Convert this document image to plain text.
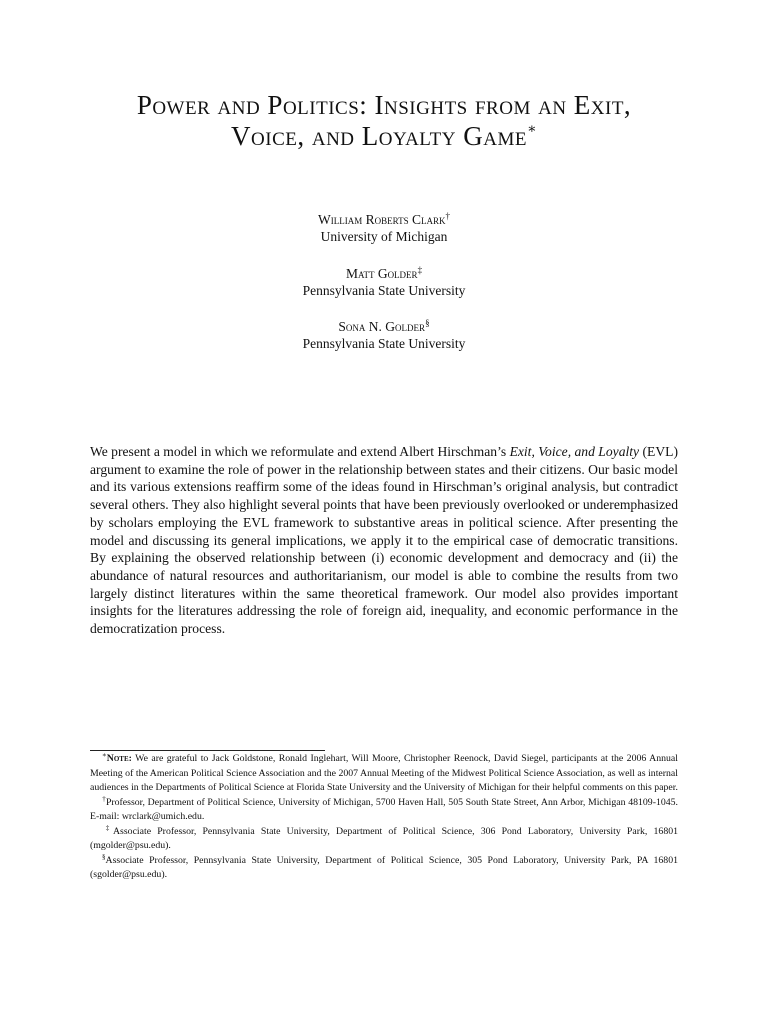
Power and Politics: Insights from an Exit,
Voice, and Loyalty Game∗
William Roberts Clark†
University of Michigan
Matt Golder‡
Pennsylvania State University
Sona N. Golder§
Pennsylvania State University

We present a model in which we reformulate and extend Albert Hirschman’s Exit, Voice, and Loyalty (EVL) argument to examine the role of power in the relationship between states and their citizens. Our basic model and its various extensions reaffirm some of the ideas found in Hirschman’s original analysis, but contradict several others. They also highlight several points that have been previously overlooked or underemphasized by scholars employing the EVL framework to substantive areas in political science. After presenting the model and discussing its general implications, we apply it to the empirical case of democratic transitions. By explaining the observed relationship between (i) economic development and democracy and (ii) the abundance of natural resources and authoritarianism, our model is able to combine the results from two largely distinct literatures within the same theoretical framework. Our model also provides important insights for the literatures addressing the role of foreign aid, inequality, and economic performance in the democratization process.

∗Note: We are grateful to Jack Goldstone, Ronald Inglehart, Will Moore, Christopher Reenock, David Siegel, participants at the 2006 Annual Meeting of the American Political Science Association and the 2007 Annual Meeting of the Midwest Political Science Association, as well as internal audiences in the Departments of Political Science at Florida State University and the University of Michigan for their helpful comments on this paper.

†Professor, Department of Political Science, University of Michigan, 5700 Haven Hall, 505 South State Street, Ann Arbor, Michigan 48109-1045. E-mail: wrclark@umich.edu.

‡Associate Professor, Pennsylvania State University, Department of Political Science, 306 Pond Laboratory, University Park, 16801 (mgolder@psu.edu).

§Associate Professor, Pennsylvania State University, Department of Political Science, 305 Pond Laboratory, University Park, PA 16801 (sgolder@psu.edu).
